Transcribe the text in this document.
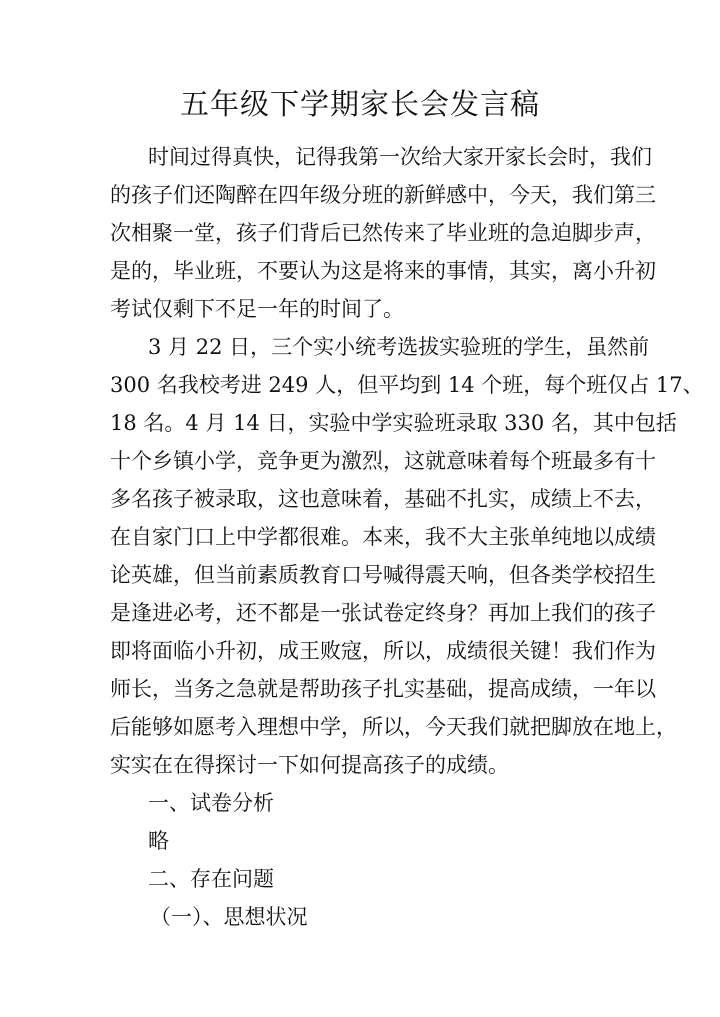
五年级下学期家长会发言稿

时间过得真快，记得我第一次给大家开家长会时，我们

的孩子们还陶醉在四年级分班的新鲜感中，今天，我们第三

次相聚一堂，孩子们背后已然传来了毕业班的急迫脚步声，

是的，毕业班，不要认为这是将来的事情，其实，离小升初

考试仅剩下不足一年的时间了。

3 月 22 日，三个实小统考选拔实验班的学生，虽然前

300 名我校考进 249 人，但平均到 14 个班，每个班仅占 17、

18 名。4 月 14 日，实验中学实验班录取 330 名，其中包括

十个乡镇小学，竞争更为激烈，这就意味着每个班最多有十

多名孩子被录取，这也意味着，基础不扎实，成绩上不去，

在自家门口上中学都很难。本来，我不大主张单纯地以成绩

论英雄，但当前素质教育口号喊得震天响，但各类学校招生

是逢进必考，还不都是一张试卷定终身？再加上我们的孩子

即将面临小升初，成王败寇，所以，成绩很关键！我们作为

师长，当务之急就是帮助孩子扎实基础，提高成绩，一年以

后能够如愿考入理想中学，所以，今天我们就把脚放在地上，

实实在在得探讨一下如何提高孩子的成绩。

一、试卷分析

略

二、存在问题

（一）、思想状况
